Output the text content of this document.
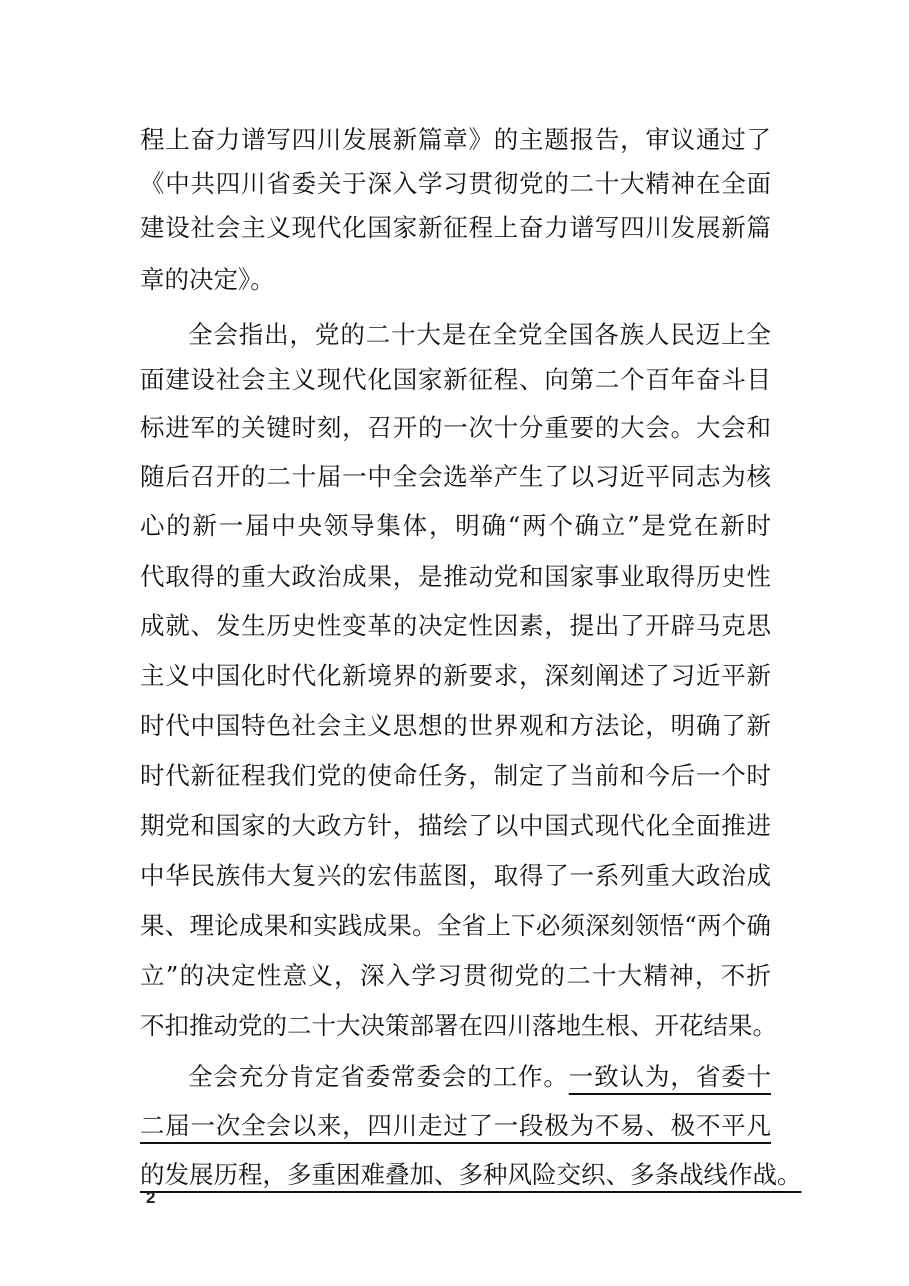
程上奋力谱写四川发展新篇章》的主题报告，审议通过了
《中共四川省委关于深入学习贯彻党的二十大精神在全面
建设社会主义现代化国家新征程上奋力谱写四川发展新篇
章的决定》。
全会指出，党的二十大是在全党全国各族人民迈上全
面建设社会主义现代化国家新征程、向第二个百年奋斗目
标进军的关键时刻，召开的一次十分重要的大会。大会和
随后召开的二十届一中全会选举产生了以习近平同志为核
心的新一届中央领导集体，明确“两个确立”是党在新时
代取得的重大政治成果，是推动党和国家事业取得历史性
成就、发生历史性变革的决定性因素，提出了开辟马克思
主义中国化时代化新境界的新要求，深刻阐述了习近平新
时代中国特色社会主义思想的世界观和方法论，明确了新
时代新征程我们党的使命任务，制定了当前和今后一个时
期党和国家的大政方针，描绘了以中国式现代化全面推进
中华民族伟大复兴的宏伟蓝图，取得了一系列重大政治成
果、理论成果和实践成果。全省上下必须深刻领悟“两个确
立”的决定性意义，深入学习贯彻党的二十大精神，不折
不扣推动党的二十大决策部署在四川落地生根、开花结果。
全会充分肯定省委常委会的工作。一致认为，省委十
二届一次全会以来，四川走过了一段极为不易、极不平凡
的发展历程，多重困难叠加、多种风险交织、多条战线作战。
2
